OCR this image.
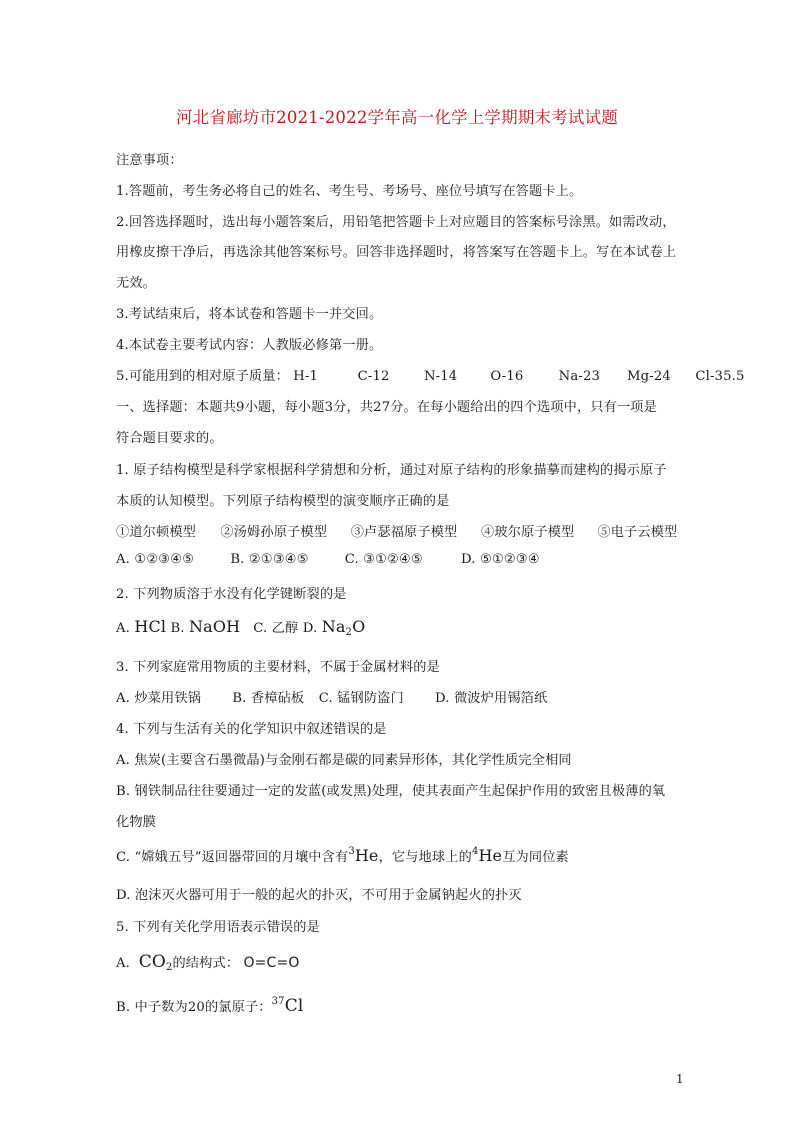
河北省廊坊市2021-2022学年高一化学上学期期末考试试题
注意事项：
1.答题前，考生务必将自己的姓名、考生号、考场号、座位号填写在答题卡上。
2.回答选择题时，选出每小题答案后，用铅笔把答题卡上对应题目的答案标号涂黑。如需改动，
用橡皮擦干净后，再选涂其他答案标号。回答非选择题时，将答案写在答题卡上。写在本试卷上
无效。
3.考试结束后，将本试卷和答题卡一并交回。
4.本试卷主要考试内容：人教版必修第一册。
5.可能用到的相对原子质量： H-1	C-12	N-14 O-16	Na-23 Mg-24 Cl-35.5
一、选择题：本题共9小题，每小题3分，共27分。在每小题给出的四个选项中，只有一项是
符合题目要求的。
1. 原子结构模型是科学家根据科学猜想和分析，通过对原子结构的形象描摹而建构的揭示原子
本质的认知模型。下列原子结构模型的演变顺序正确的是
①道尔顿模型 ②汤姆孙原子模型 ③卢瑟福原子模型 ④玻尔原子模型 ⑤电子云模型
A. ①②③④⑤	B. ②①③④⑤	C. ③①②④⑤	D. ⑤①②③④
2. 下列物质溶于水没有化学键断裂的是
A. HCl B. NaOH C. 乙醇 D. $Na_2O$
3. 下列家庭常用物质的主要材料，不属于金属材料的是
A. 炒菜用铁锅 B. 香樟砧板 C. 锰钢防盗门 D. 微波炉用锡箔纸
4. 下列与生活有关的化学知识中叙述错误的是
A. 焦炭(主要含石墨微晶)与金刚石都是碳的同素异形体，其化学性质完全相同
B. 钢铁制品往往要通过一定的发蓝(或发黑)处理，使其表面产生起保护作用的致密且极薄的氧
化物膜
C. “嫦娥五号”返回器带回的月壤中含有$^3$He，它与地球上的$^4$He互为同位素
D. 泡沫灭火器可用于一般的起火的扑灭，不可用于金属钠起火的扑灭
5. 下列有关化学用语表示错误的是
A. $CO_2$的结构式： O=C=O
B. 中子数为20的氯原子：$^{37}$Cl
1
